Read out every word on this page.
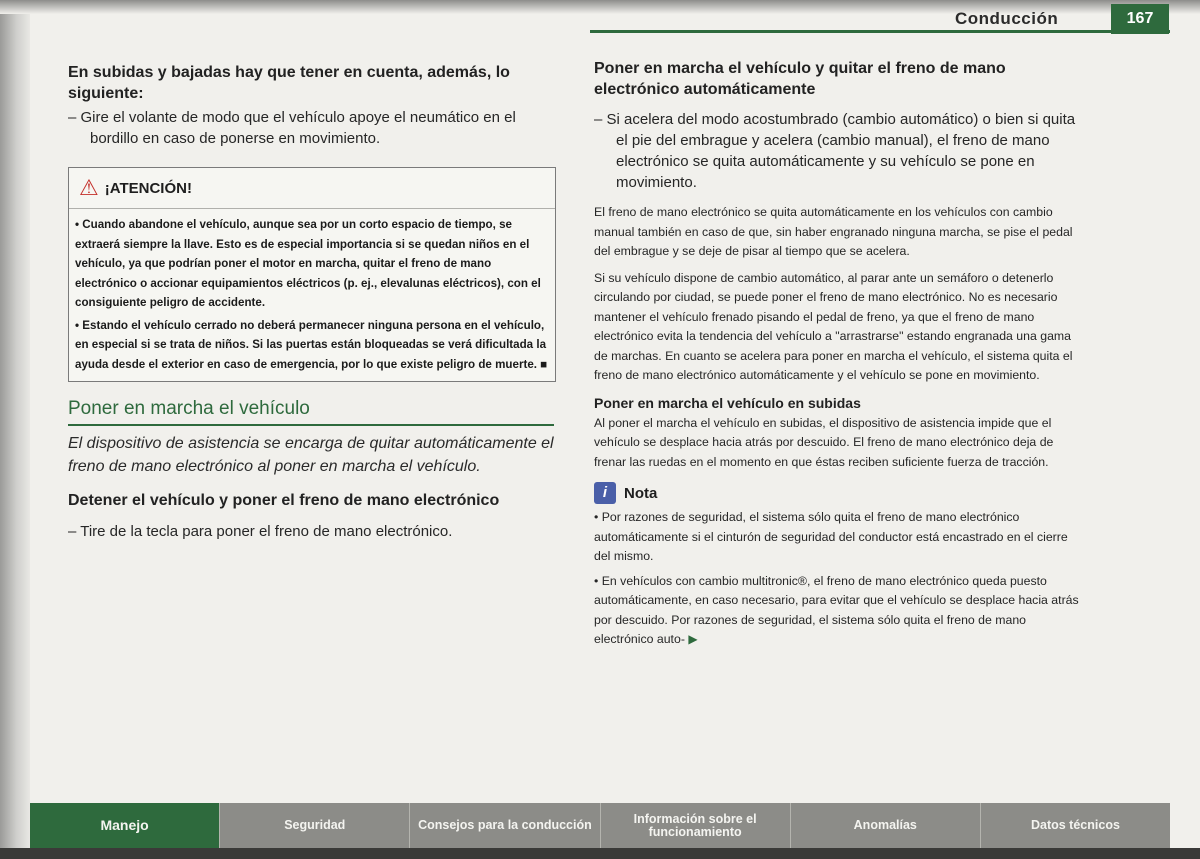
Conducción	167
En subidas y bajadas hay que tener en cuenta, además, lo siguiente:

– Gire el volante de modo que el vehículo apoye el neumático en el bordillo en caso de ponerse en movimiento.

⚠ ¡ATENCIÓN!

• Cuando abandone el vehículo, aunque sea por un corto espacio de tiempo, se extraerá siempre la llave. Esto es de especial importancia si se quedan niños en el vehículo, ya que podrían poner el motor en marcha, quitar el freno de mano electrónico o accionar equipamientos eléctricos (p. ej., elevalunas eléctricos), con el consiguiente peligro de accidente.

• Estando el vehículo cerrado no deberá permanecer ninguna persona en el vehículo, en especial si se trata de niños. Si las puertas están bloqueadas se verá dificultada la ayuda desde el exterior en caso de emergencia, por lo que existe peligro de muerte. ■

Poner en marcha el vehículo

El dispositivo de asistencia se encarga de quitar automáticamente el freno de mano electrónico al poner en marcha el vehículo.

Detener el vehículo y poner el freno de mano electrónico

– Tire de la tecla para poner el freno de mano electrónico.

Poner en marcha el vehículo y quitar el freno de mano electrónico automáticamente

– Si acelera del modo acostumbrado (cambio automático) o bien si quita el pie del embrague y acelera (cambio manual), el freno de mano electrónico se quita automáticamente y su vehículo se pone en movimiento.

El freno de mano electrónico se quita automáticamente en los vehículos con cambio manual también en caso de que, sin haber engranado ninguna marcha, se pise el pedal del embrague y se deje de pisar al tiempo que se acelera.

Si su vehículo dispone de cambio automático, al parar ante un semáforo o detenerlo circulando por ciudad, se puede poner el freno de mano electrónico. No es necesario mantener el vehículo frenado pisando el pedal de freno, ya que el freno de mano electrónico evita la tendencia del vehículo a "arrastrarse" estando engranada una gama de marchas. En cuanto se acelera para poner en marcha el vehículo, el sistema quita el freno de mano electrónico automáticamente y el vehículo se pone en movimiento.

Poner en marcha el vehículo en subidas

Al poner el marcha el vehículo en subidas, el dispositivo de asistencia impide que el vehículo se desplace hacia atrás por descuido. El freno de mano electrónico deja de frenar las ruedas en el momento en que éstas reciben suficiente fuerza de tracción.

i	Nota

• Por razones de seguridad, el sistema sólo quita el freno de mano electrónico automáticamente si el cinturón de seguridad del conductor está encastrado en el cierre del mismo.

• En vehículos con cambio multitronic®, el freno de mano electrónico queda puesto automáticamente, en caso necesario, para evitar que el vehículo se desplace hacia atrás por descuido. Por razones de seguridad, el sistema sólo quita el freno de mano electrónico auto- ▶

Manejo	Seguridad	Consejos para la conducción	Información sobre el funcionamiento	Anomalías	Datos técnicos
